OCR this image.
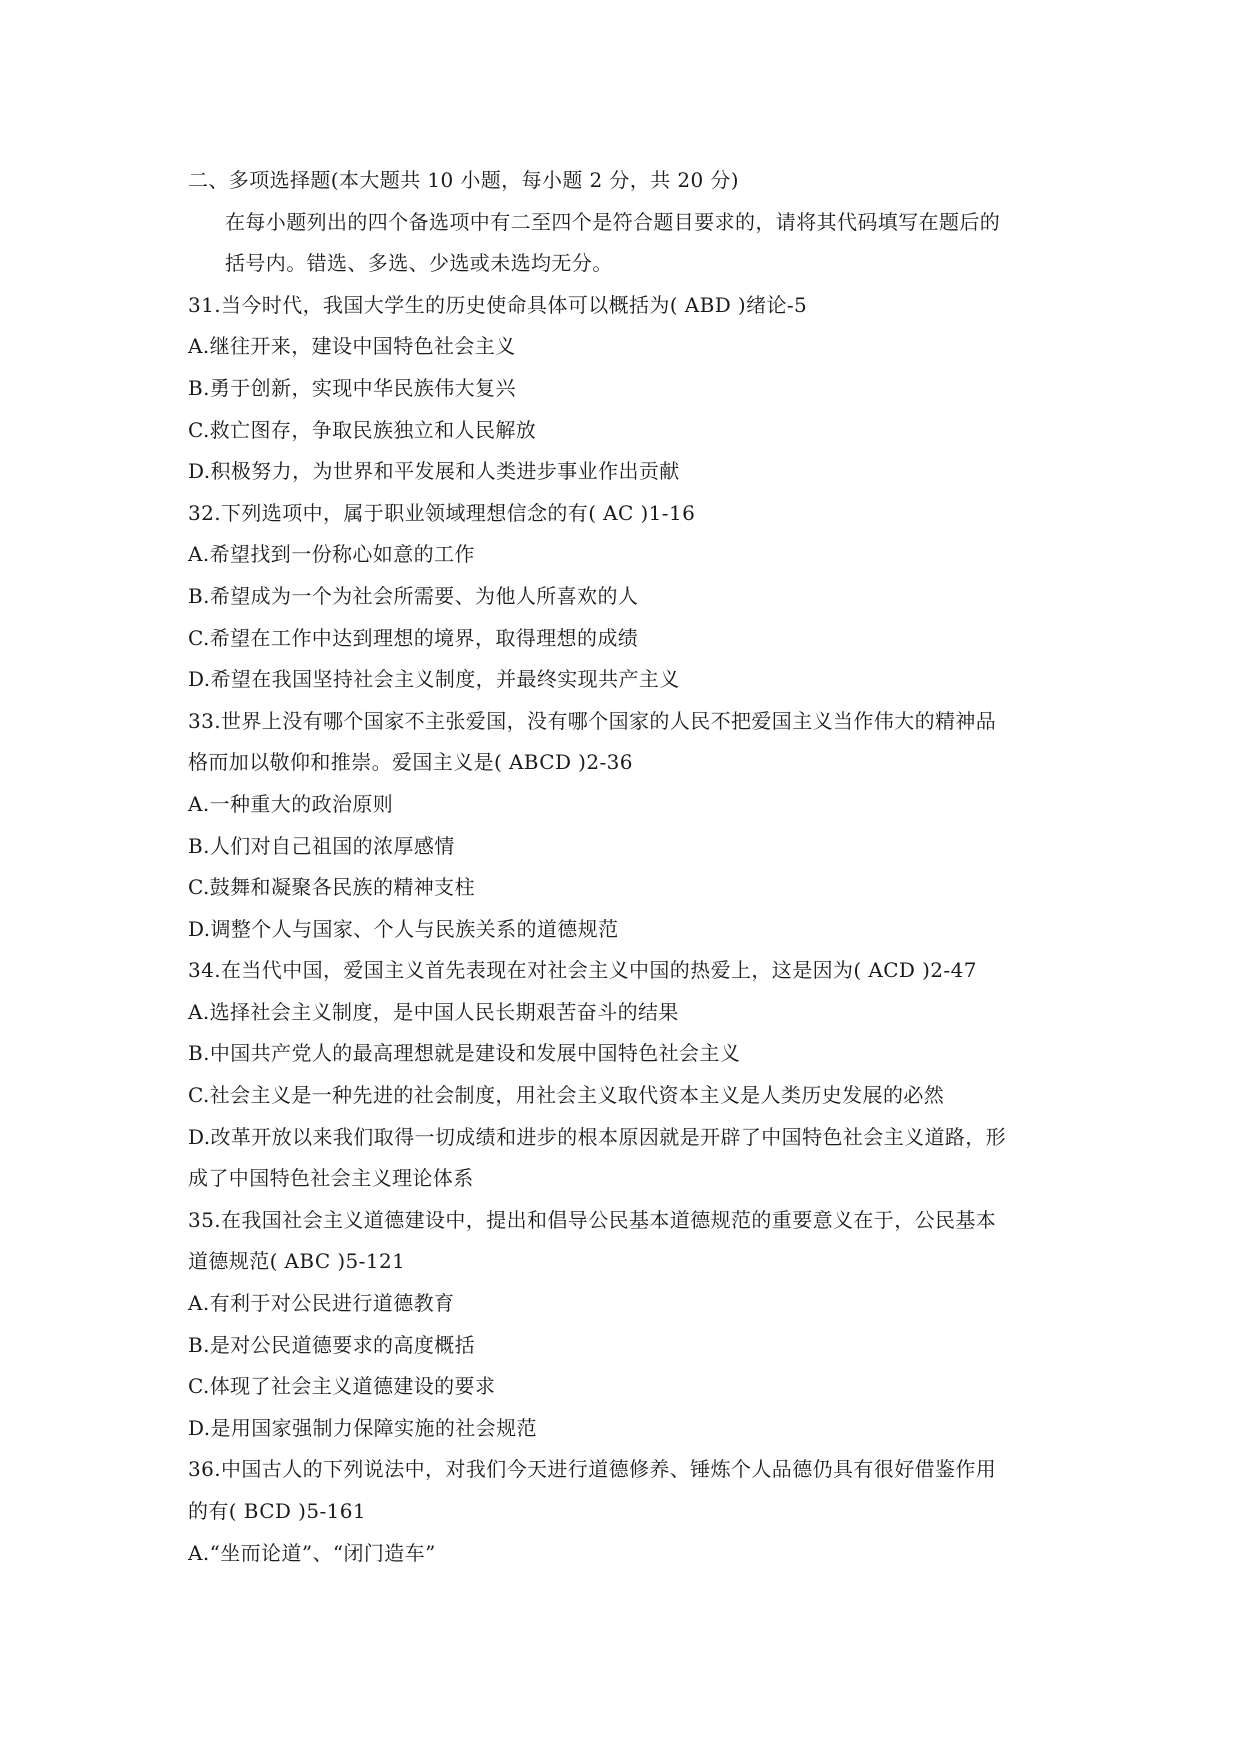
二、多项选择题(本大题共 10 小题，每小题 2 分，共 20 分)
在每小题列出的四个备选项中有二至四个是符合题目要求的，请将其代码填写在题后的
括号内。错选、多选、少选或未选均无分。
31.当今时代，我国大学生的历史使命具体可以概括为( ABD )绪论-5
A.继往开来，建设中国特色社会主义
B.勇于创新，实现中华民族伟大复兴
C.救亡图存，争取民族独立和人民解放
D.积极努力，为世界和平发展和人类进步事业作出贡献
32.下列选项中，属于职业领域理想信念的有( AC )1-16
A.希望找到一份称心如意的工作
B.希望成为一个为社会所需要、为他人所喜欢的人
C.希望在工作中达到理想的境界，取得理想的成绩
D.希望在我国坚持社会主义制度，并最终实现共产主义
33.世界上没有哪个国家不主张爱国，没有哪个国家的人民不把爱国主义当作伟大的精神品
格而加以敬仰和推崇。爱国主义是( ABCD )2-36
A.一种重大的政治原则
B.人们对自己祖国的浓厚感情
C.鼓舞和凝聚各民族的精神支柱
D.调整个人与国家、个人与民族关系的道德规范
34.在当代中国，爱国主义首先表现在对社会主义中国的热爱上，这是因为( ACD )2-47
A.选择社会主义制度，是中国人民长期艰苦奋斗的结果
B.中国共产党人的最高理想就是建设和发展中国特色社会主义
C.社会主义是一种先进的社会制度，用社会主义取代资本主义是人类历史发展的必然
D.改革开放以来我们取得一切成绩和进步的根本原因就是开辟了中国特色社会主义道路，形
成了中国特色社会主义理论体系
35.在我国社会主义道德建设中，提出和倡导公民基本道德规范的重要意义在于，公民基本
道德规范( ABC )5-121
A.有利于对公民进行道德教育
B.是对公民道德要求的高度概括
C.体现了社会主义道德建设的要求
D.是用国家强制力保障实施的社会规范
36.中国古人的下列说法中，对我们今天进行道德修养、锤炼个人品德仍具有很好借鉴作用
的有( BCD )5-161
A.“坐而论道”、“闭门造车”
